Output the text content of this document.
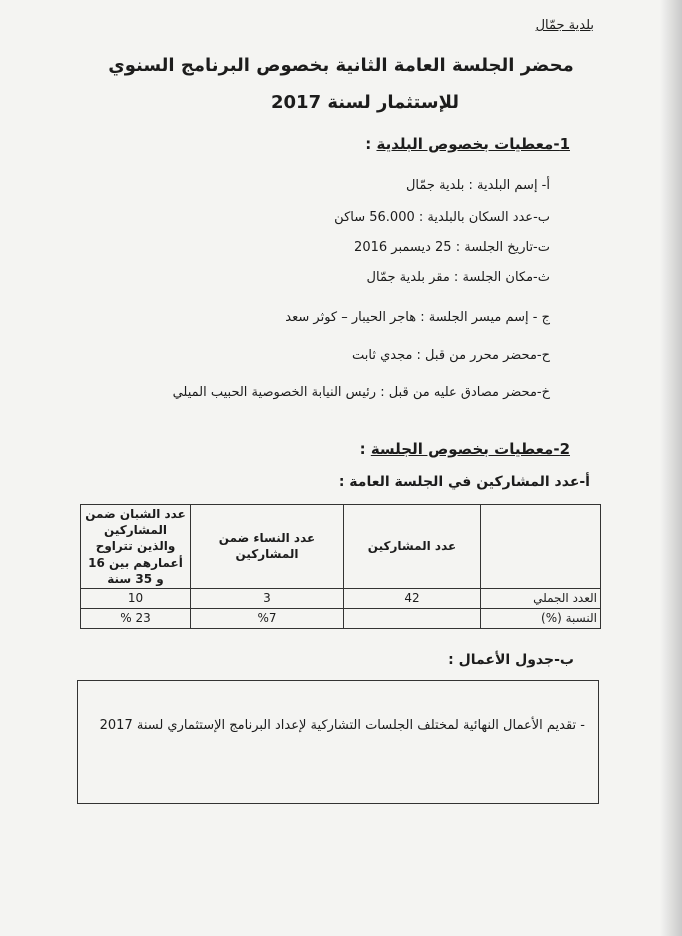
بلدية جمّال
محضر الجلسة العامة الثانية بخصوص البرنامج السنوي
للإستثمار لسنة 2017
1-معطيات بخصوص البلدية :
أ- إسم البلدية : بلدية جمّال
ب-عدد السكان بالبلدية : 56.000 ساكن
ت-تاريخ الجلسة : 25 ديسمبر 2016
ث-مكان الجلسة : مقر بلدية جمّال
ج - إسم ميسر الجلسة : هاجر الحيبار – كوثر سعد
ح-محضر محرر من قبل : مجدي ثابت
خ-محضر مصادق عليه من قبل : رئيس النيابة الخصوصية الحبيب الميلي
2-معطيات بخصوص الجلسة :
أ-عدد المشاركين في الجلسة العامة :
	عدد المشاركين	عدد النساء ضمن المشاركين	عدد الشبان ضمن المشاركين والذين تتراوح أعمارهم بين 16 و 35 سنة
العدد الجملي	42	3	10
النسبة (%)		%7	23 %
ب-جدول الأعمال :
- تقديم الأعمال النهائية لمختلف الجلسات التشاركية لإعداد البرنامج الإستثماري لسنة 2017
